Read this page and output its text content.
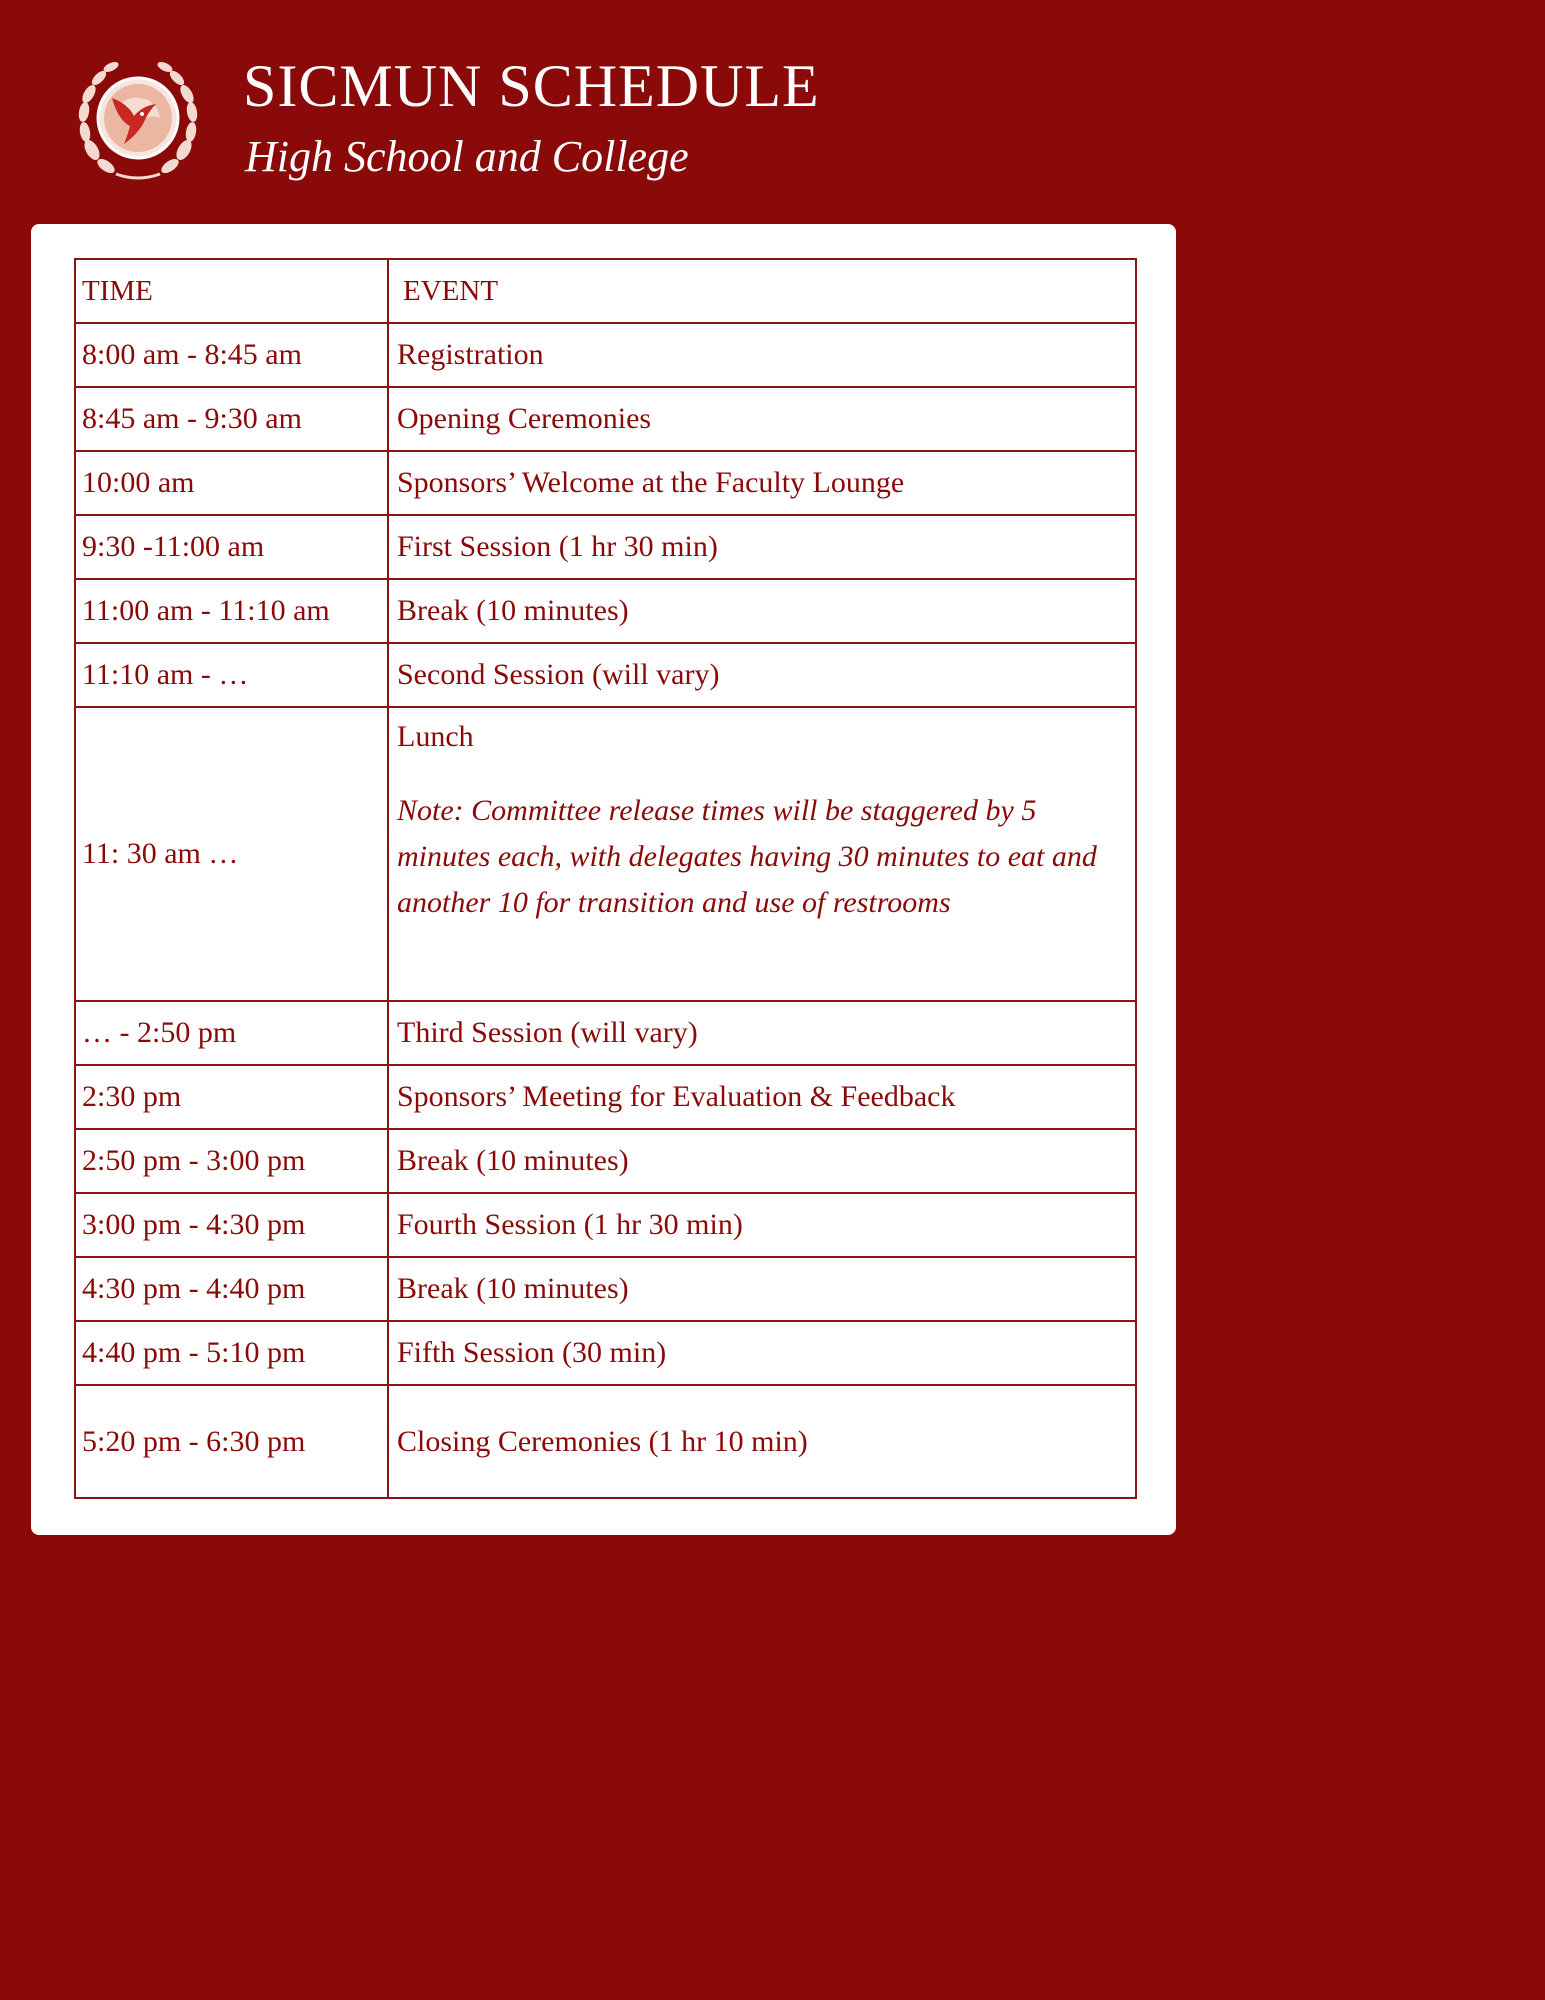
SICMUN SCHEDULE
High School and College
TIME	EVENT
8:00 am - 8:45 am	Registration
8:45 am - 9:30 am	Opening Ceremonies
10:00 am	Sponsors’ Welcome at the Faculty Lounge
9:30 -11:00 am	First Session (1 hr 30 min)
11:00 am - 11:10 am	Break (10 minutes)
11:10 am - …	Second Session (will vary)
11: 30 am …	Lunch
Note: Committee release times will be staggered by 5 minutes each, with delegates having 30 minutes to eat and another 10 for transition and use of restrooms

… - 2:50 pm	Third Session (will vary)
2:30 pm	Sponsors’ Meeting for Evaluation & Feedback
2:50 pm - 3:00 pm	Break (10 minutes)
3:00 pm - 4:30 pm	Fourth Session (1 hr 30 min)
4:30 pm - 4:40 pm	Break (10 minutes)
4:40 pm - 5:10 pm	Fifth Session (30 min)
5:20 pm - 6:30 pm	Closing Ceremonies (1 hr 10 min)
